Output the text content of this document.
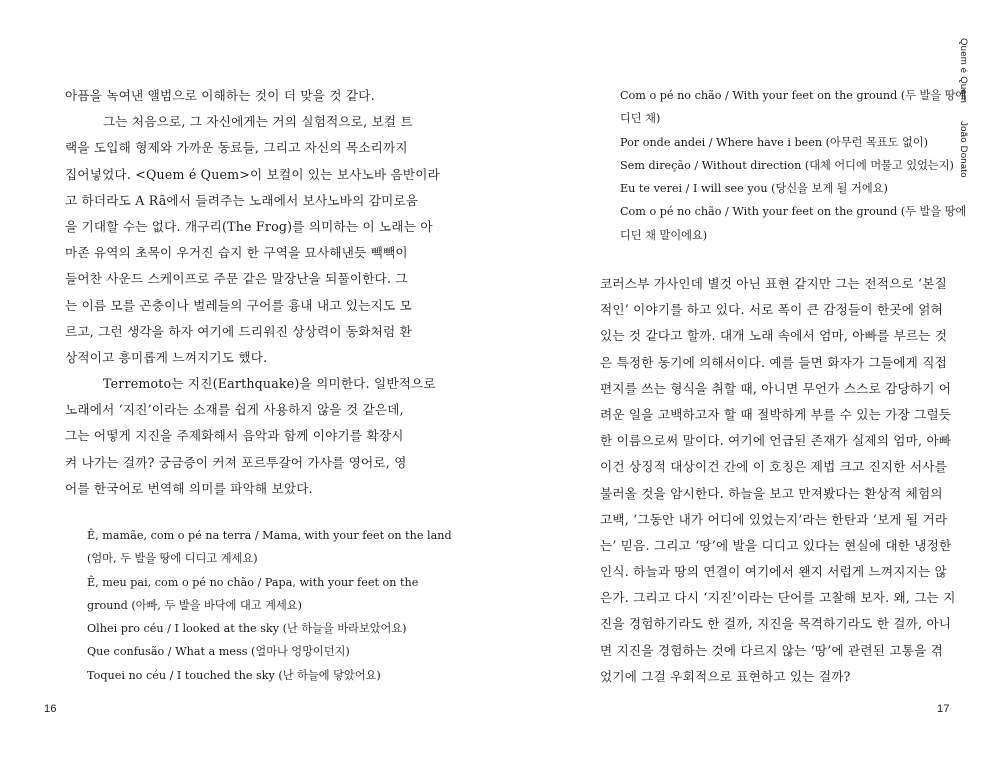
아픔을 녹여낸 앨범으로 이해하는 것이 더 맞을 것 같다.
그는 처음으로, 그 자신에게는 거의 실험적으로, 보컬 트
랙을 도입해 형제와 가까운 동료들, 그리고 자신의 목소리까지
집어넣었다. <Quem é Quem>이 보컬이 있는 보사노바 음반이라
고 하더라도 A Rã에서 들려주는 노래에서 보사노바의 감미로움
을 기대할 수는 없다. 개구리(The Frog)를 의미하는 이 노래는 아
마존 유역의 초목이 우거진 습지 한 구역을 묘사해낸듯 빽빽이
들어찬 사운드 스케이프로 주문 같은 말장난을 되풀이한다. 그
는 이름 모를 곤충이나 벌레들의 구어를 흉내 내고 있는지도 모
르고, 그런 생각을 하자 여기에 드리워진 상상력이 동화처럼 환
상적이고 흥미롭게 느껴지기도 했다.
Terremoto는 지진(Earthquake)을 의미한다. 일반적으로
노래에서 ‘지진’이라는 소재를 쉽게 사용하지 않을 것 같은데,
그는 어떻게 지진을 주제화해서 음악과 함께 이야기를 확장시
켜 나가는 걸까? 궁금증이 커져 포르투갈어 가사를 영어로, 영
어를 한국어로 번역해 의미를 파악해 보았다.
Ê, mamãe, com o pé na terra / Mama, with your feet on the land
(엄마, 두 발을 땅에 디디고 계세요)
Ê, meu pai, com o pé no chão / Papa, with your feet on the
ground (아빠, 두 발을 바닥에 대고 계세요)
Olhei pro céu / I looked at the sky (난 하늘을 바라보았어요)
Que confusão / What a mess (얼마나 엉망이던지)
Toquei no céu / I touched the sky (난 하늘에 닿았어요)
16
Com o pé no chão / With your feet on the ground (두 발을 땅에
디딘 채)
Por onde andei / Where have i been (아무런 목표도 없이)
Sem direção / Without direction (대체 어디에 머물고 있었는지)
Eu te verei / I will see you (당신을 보게 될 거에요)
Com o pé no chão / With your feet on the ground (두 발을 땅에
디딘 채 말이에요)
코러스부 가사인데 별것 아닌 표현 같지만 그는 전적으로 ‘본질
적인’ 이야기를 하고 있다. 서로 폭이 큰 감정들이 한곳에 얽혀
있는 것 같다고 할까. 대개 노래 속에서 엄마, 아빠를 부르는 것
은 특정한 동기에 의해서이다. 예를 들면 화자가 그들에게 직접
편지를 쓰는 형식을 취할 때, 아니면 무언가 스스로 감당하기 어
려운 일을 고백하고자 할 때 절박하게 부를 수 있는 가장 그럴듯
한 이름으로써 말이다. 여기에 언급된 존재가 실제의 엄마, 아빠
이건 상징적 대상이건 간에 이 호칭은 제법 크고 진지한 서사를
불러올 것을 암시한다. 하늘을 보고 만져봤다는 환상적 체험의
고백, ‘그동안 내가 어디에 있었는지’라는 한탄과 ‘보게 될 거라
는’ 믿음. 그리고 ‘땅’에 발을 디디고 있다는 현실에 대한 냉정한
인식. 하늘과 땅의 연결이 여기에서 왠지 서럽게 느껴지지는 않
은가. 그리고 다시 ‘지진’이라는 단어를 고찰해 보자. 왜, 그는 지
진을 경험하기라도 한 걸까, 지진을 목격하기라도 한 걸까, 아니
면 지진을 경험하는 것에 다르지 않는 ‘땅’에 관련된 고통을 겪
었기에 그걸 우회적으로 표현하고 있는 걸까?
17
Quem é QuemJoão Donato
